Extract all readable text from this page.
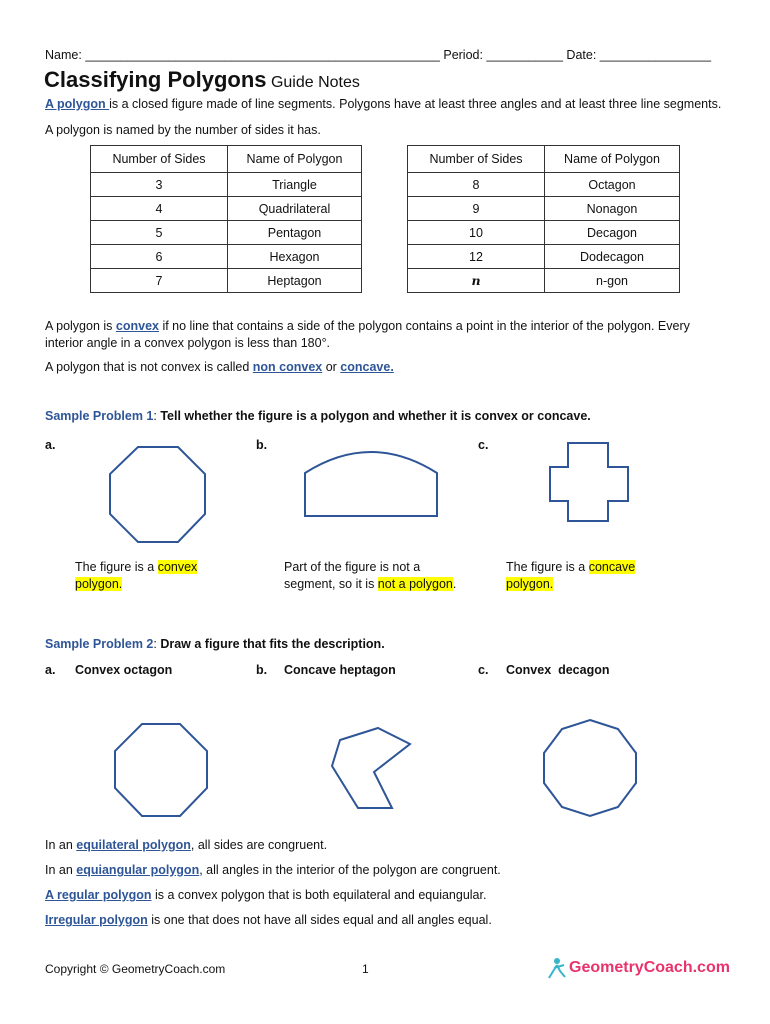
Name: ___________________________________________________ Period: ___________ Date: ________________
Classifying Polygons Guide Notes
A polygon is a closed figure made of line segments. Polygons have at least three angles and at least three line segments.
A polygon is named by the number of sides it has.
Number of Sides	Name of Polygon
3	Triangle
4	Quadrilateral
5	Pentagon
6	Hexagon
7	Heptagon
Number of Sides	Name of Polygon
8	Octagon
9	Nonagon
10	Decagon
12	Dodecagon
n	n-gon
A polygon is convex if no line that contains a side of the polygon contains a point in the interior of the polygon. Every
interior angle in a convex polygon is less than 180°.
A polygon that is not convex is called non convex or concave.
Sample Problem 1: Tell whether the figure is a polygon and whether it is convex or concave.
a.	b.	c.
The figure is a convex
polygon.
Part of the figure is not a
segment, so it is not a polygon.
The figure is a concave
polygon.
Sample Problem 2: Draw a figure that fits the description.
a. Convex octagon	b. Concave heptagon	c. Convex  decagon
In an equilateral polygon, all sides are congruent.
In an equiangular polygon, all angles in the interior of the polygon are congruent.
A regular polygon is a convex polygon that is both equilateral and equiangular.
Irregular polygon is one that does not have all sides equal and all angles equal.
Copyright © GeometryCoach.com	1	GeometryCoach.com
